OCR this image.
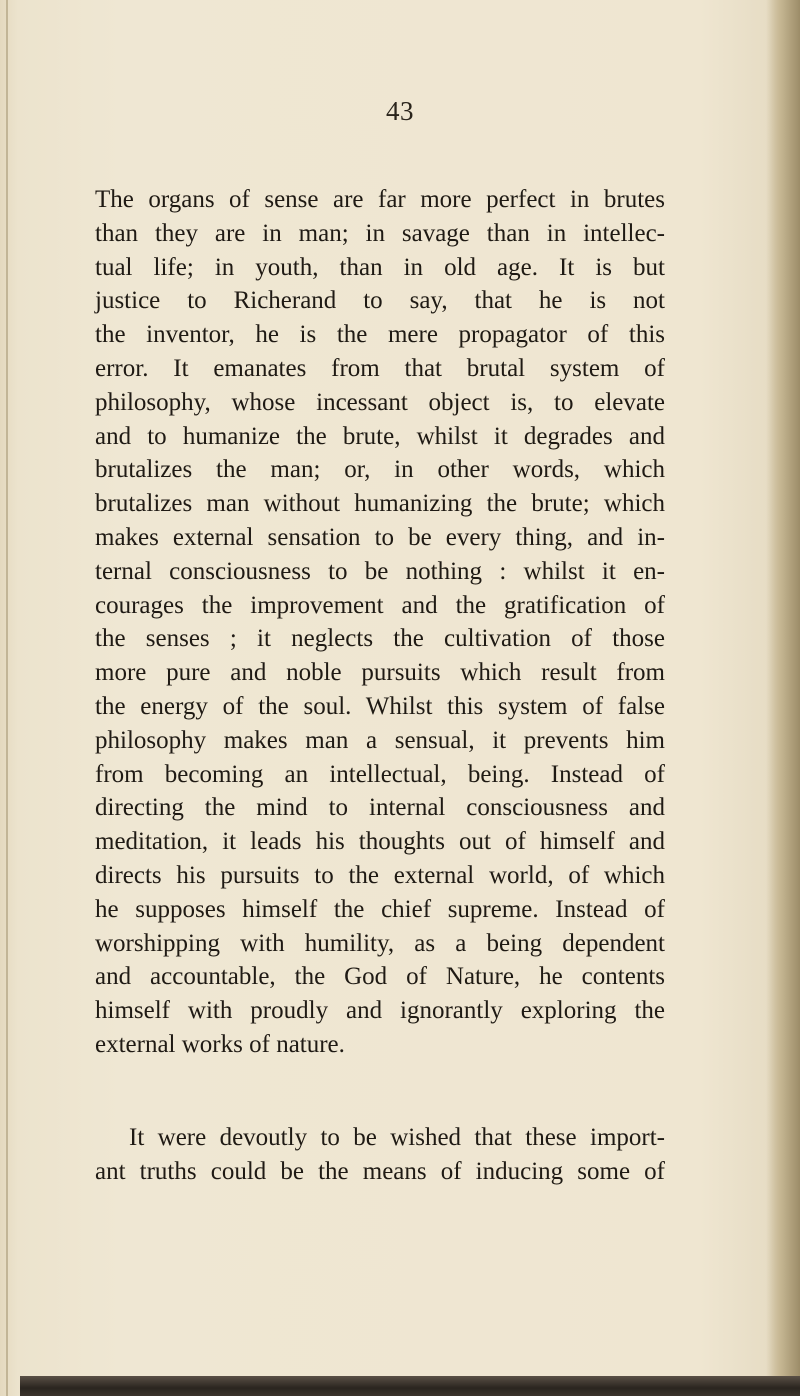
43
The organs of sense are far more perfect in brutes
than they are in man; in savage than in intellec-
tual life; in youth, than in old age. It is but
justice to Richerand to say, that he is not
the inventor, he is the mere propagator of this
error. It emanates from that brutal system of
philosophy, whose incessant object is, to elevate
and to humanize the brute, whilst it degrades and
brutalizes the man; or, in other words, which
brutalizes man without humanizing the brute; which
makes external sensation to be every thing, and in-
ternal consciousness to be nothing : whilst it en-
courages the improvement and the gratification of
the senses ; it neglects the cultivation of those
more pure and noble pursuits which result from
the energy of the soul. Whilst this system of false
philosophy makes man a sensual, it prevents him
from becoming an intellectual, being. Instead of
directing the mind to internal consciousness and
meditation, it leads his thoughts out of himself and
directs his pursuits to the external world, of which
he supposes himself the chief supreme. Instead of
worshipping with humility, as a being dependent
and accountable, the God of Nature, he contents
himself with proudly and ignorantly exploring the
external works of nature.
It were devoutly to be wished that these import-
ant truths could be the means of inducing some of
